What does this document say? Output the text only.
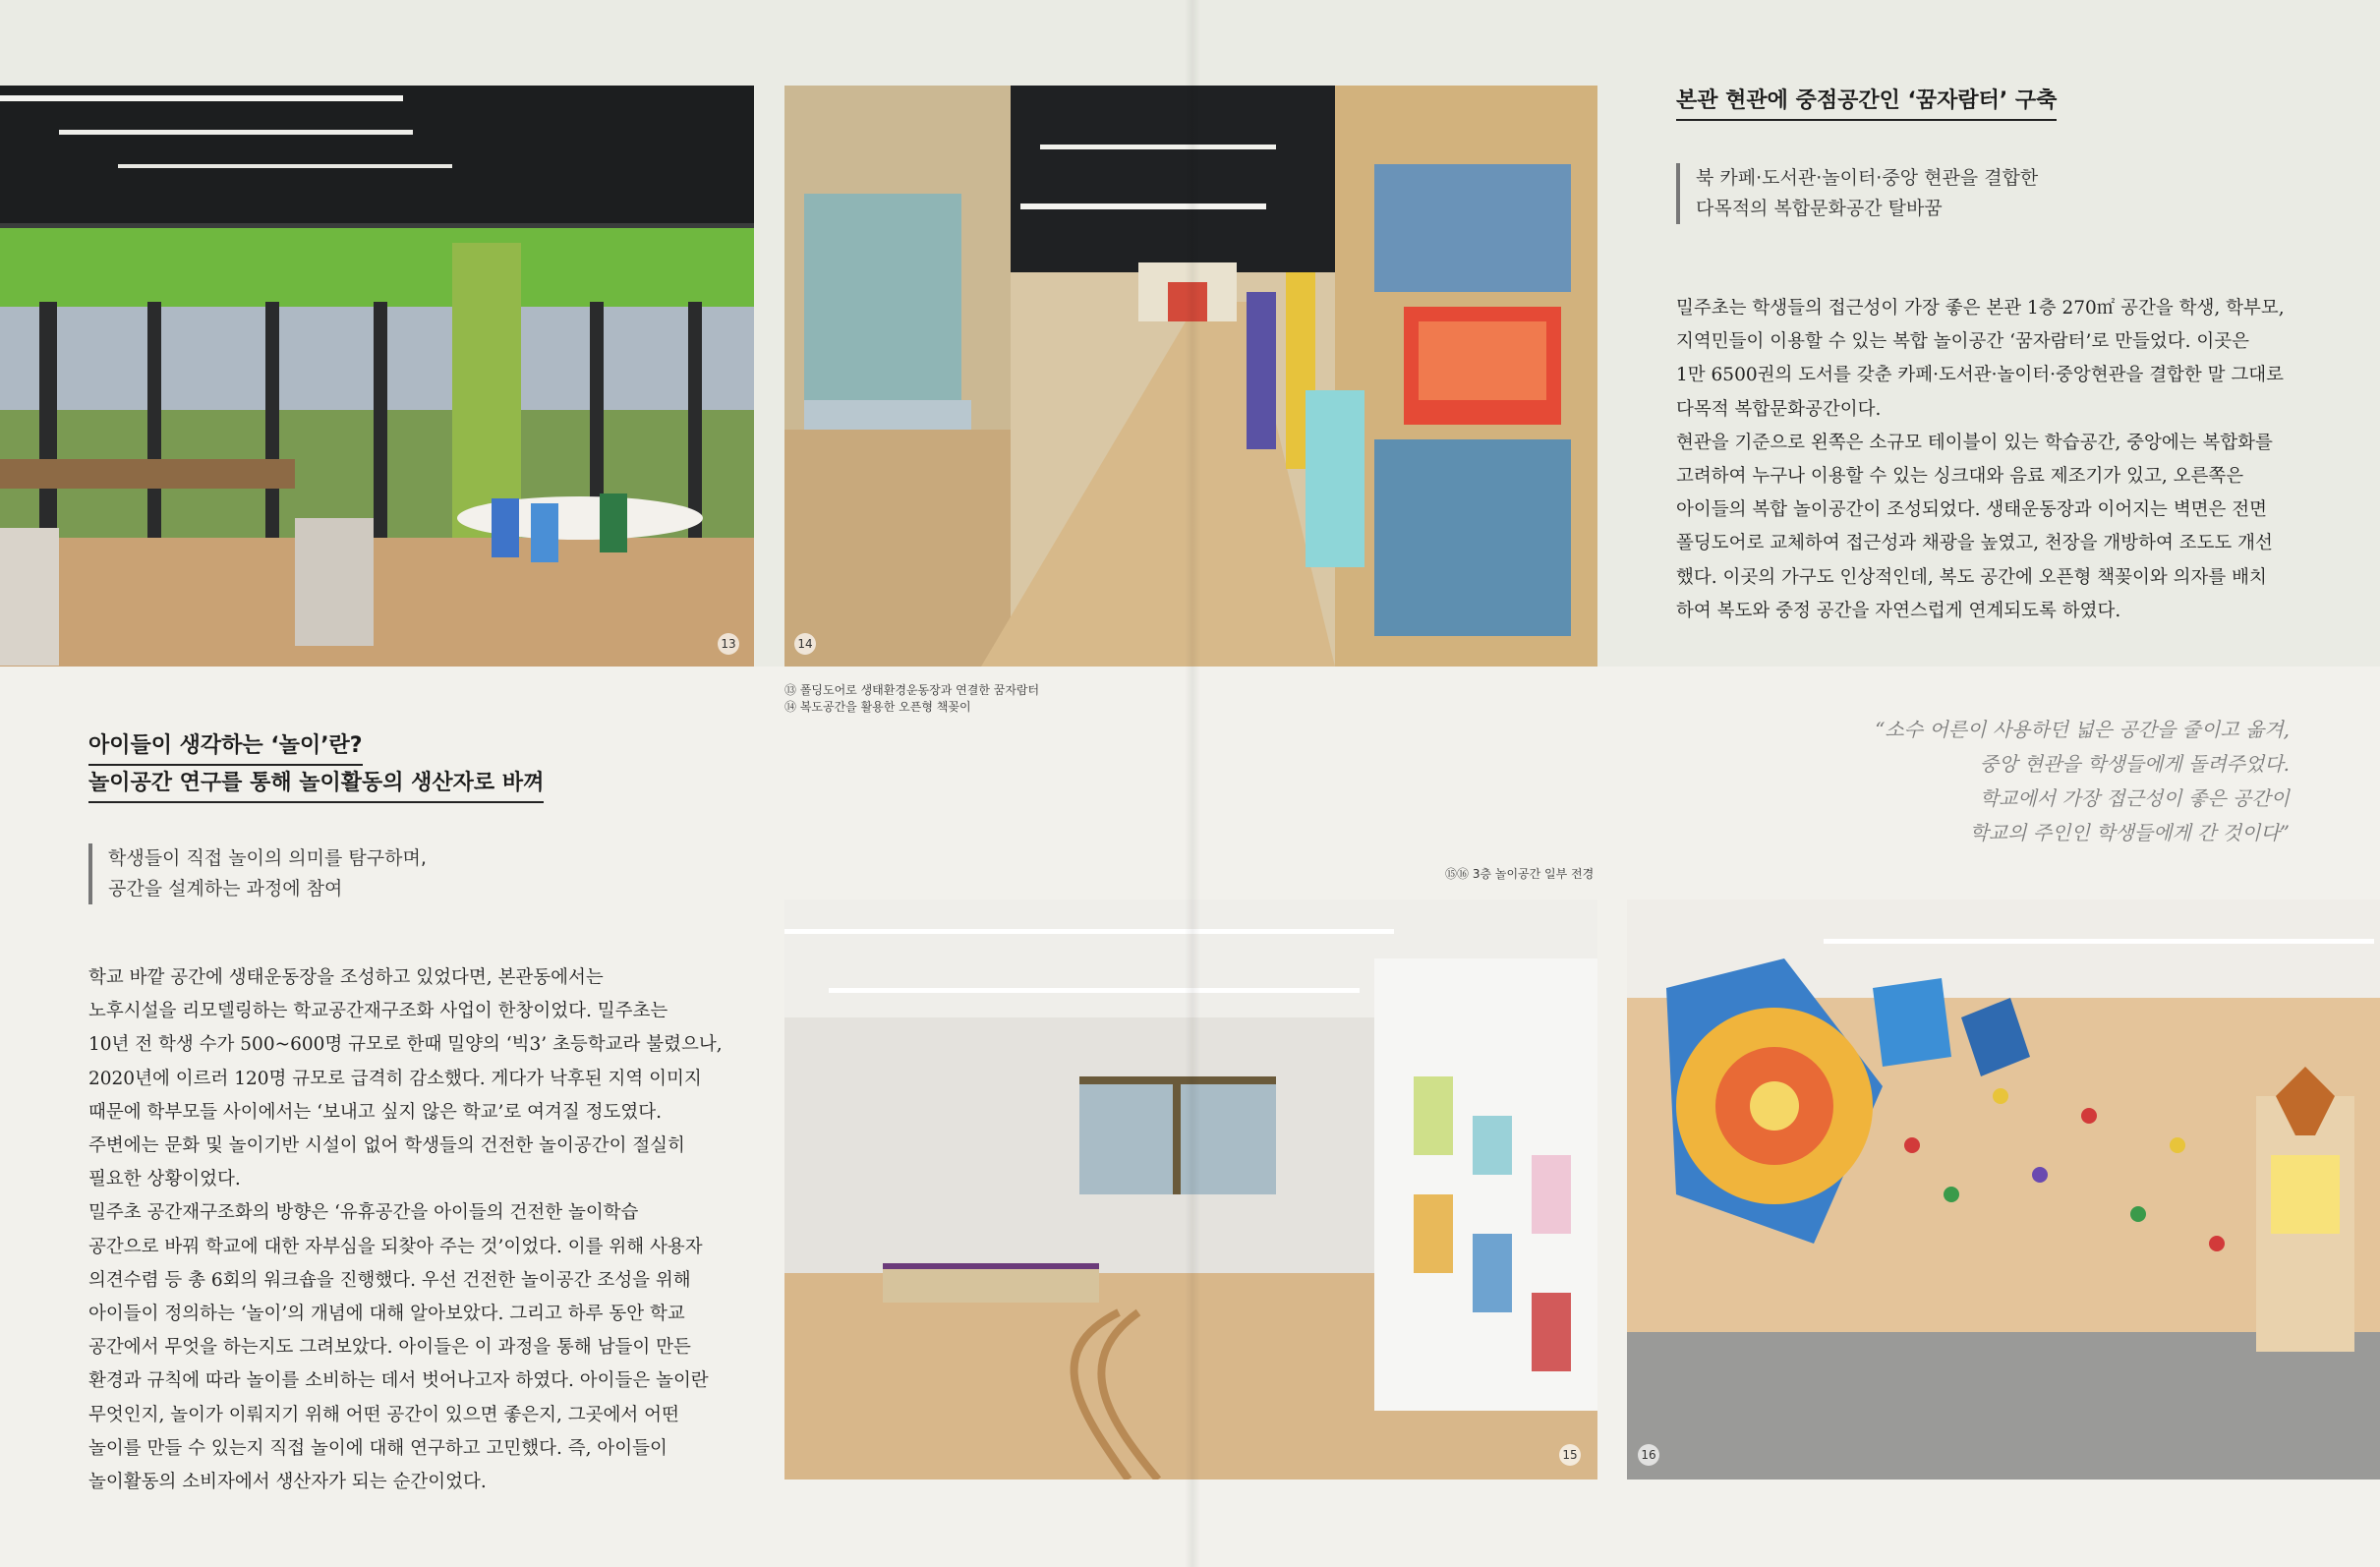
13	14
본관 현관에 중점공간인 ‘꿈자람터’ 구축
북 카페·도서관·놀이터·중앙 현관을 결합한
다목적의 복합문화공간 탈바꿈
밀주초는 학생들의 접근성이 가장 좋은 본관 1층 270㎡ 공간을 학생, 학부모,
지역민들이 이용할 수 있는 복합 놀이공간 ‘꿈자람터’로 만들었다. 이곳은
1만 6500권의 도서를 갖춘 카페·도서관·놀이터·중앙현관을 결합한 말 그대로
다목적 복합문화공간이다.
현관을 기준으로 왼쪽은 소규모 테이블이 있는 학습공간, 중앙에는 복합화를
고려하여 누구나 이용할 수 있는 싱크대와 음료 제조기가 있고, 오른쪽은
아이들의 복합 놀이공간이 조성되었다. 생태운동장과 이어지는 벽면은 전면
폴딩도어로 교체하여 접근성과 채광을 높였고, 천장을 개방하여 조도도 개선
했다. 이곳의 가구도 인상적인데, 복도 공간에 오픈형 책꽂이와 의자를 배치
하여 복도와 중정 공간을 자연스럽게 연계되도록 하였다.
⑬ 폴딩도어로 생태환경운동장과 연결한 꿈자람터
⑭ 복도공간을 활용한 오픈형 책꽂이
아이들이 생각하는 ‘놀이’란?
놀이공간 연구를 통해 놀이활동의 생산자로 바껴
학생들이 직접 놀이의 의미를 탐구하며,
공간을 설계하는 과정에 참여
학교 바깥 공간에 생태운동장을 조성하고 있었다면, 본관동에서는
노후시설을 리모델링하는 학교공간재구조화 사업이 한창이었다. 밀주초는
10년 전 학생 수가 500~600명 규모로 한때 밀양의 ‘빅3’ 초등학교라 불렸으나,
2020년에 이르러 120명 규모로 급격히 감소했다. 게다가 낙후된 지역 이미지
때문에 학부모들 사이에서는 ‘보내고 싶지 않은 학교’로 여겨질 정도였다.
주변에는 문화 및 놀이기반 시설이 없어 학생들의 건전한 놀이공간이 절실히
필요한 상황이었다.
밀주초 공간재구조화의 방향은 ‘유휴공간을 아이들의 건전한 놀이학습
공간으로 바꿔 학교에 대한 자부심을 되찾아 주는 것’이었다. 이를 위해 사용자
의견수렴 등 총 6회의 워크숍을 진행했다. 우선 건전한 놀이공간 조성을 위해
아이들이 정의하는 ‘놀이’의 개념에 대해 알아보았다. 그리고 하루 동안 학교
공간에서 무엇을 하는지도 그려보았다. 아이들은 이 과정을 통해 남들이 만든
환경과 규칙에 따라 놀이를 소비하는 데서 벗어나고자 하였다. 아이들은 놀이란
무엇인지, 놀이가 이뤄지기 위해 어떤 공간이 있으면 좋은지, 그곳에서 어떤
놀이를 만들 수 있는지 직접 놀이에 대해 연구하고 고민했다. 즉, 아이들이
놀이활동의 소비자에서 생산자가 되는 순간이었다.
“소수 어른이 사용하던 넓은 공간을 줄이고 옮겨,
중앙 현관을 학생들에게 돌려주었다.
학교에서 가장 접근성이 좋은 공간이
학교의 주인인 학생들에게 간 것이다”
⑮⑯ 3층 놀이공간 일부 전경
15	16
